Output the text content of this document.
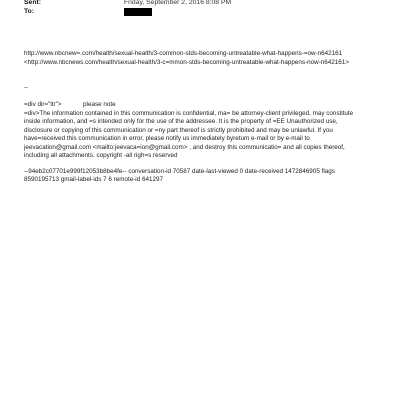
Sent:	Friday, September 2, 2016 8:08 PM
To:
http://www.nbcnew=.com/health/sexual-health/3-common-stds-becoming-untreatable-what-happens-=ow-n642161
<http://www.nbcnews.com/health/sexual-health/3-c=mmon-stds-becoming-untreatable-what-happens-now-n642161>
--
=div dir="ltr">	please note

=div>The information contained in this communication is confidential, ma= be attorney-client privileged, may constitute

inside information, and =s intended only for the use of the addressee. It is the property of =EE Unauthorized use,

disclosure or copying of this communication or =ny part thereof is strictly prohibited and may be unlawful. If you

have=received this communication in error, please notify us immediately byretum e-mail or by e-mail to

jeevacation@gmail.com <mailto:jeevaca=ion@gmail.com> , and destroy this communicatio= and all copies thereof,

including all attachments. copyright -all righ=s reserved

--94eb2c07701e999f12053b8be4fe-- conversation-id 70587 date-last-viewed 0 date-received 1472846905 flags

8590195713 gmail-label-ids 7 6 remote-id 641297
